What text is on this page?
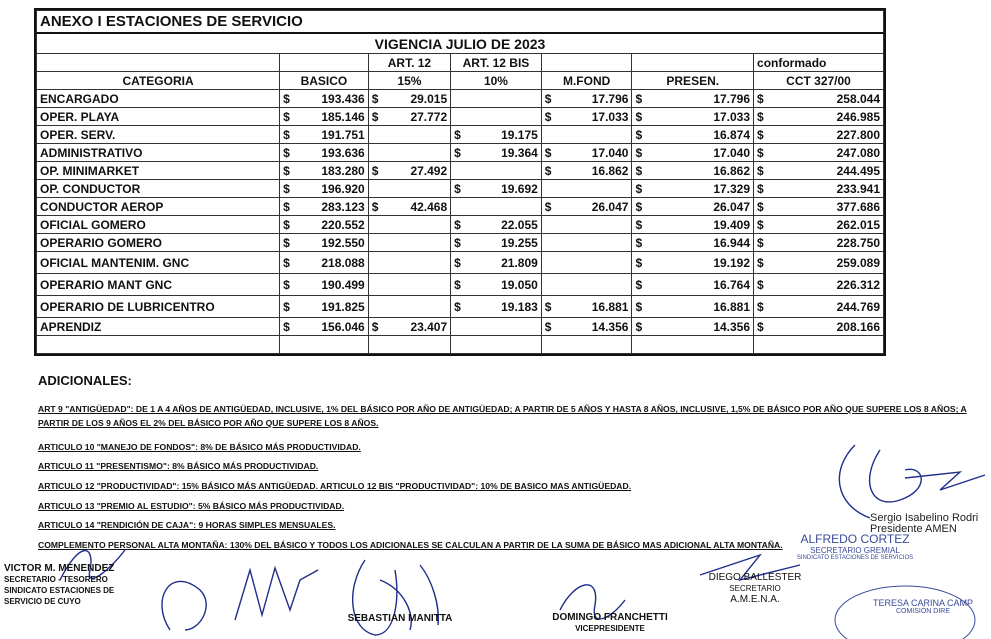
ANEXO I ESTACIONES DE SERVICIO												
VIGENCIA JULIO DE 2023												
			ART. 12		ART. 12 BIS						conformado	
CATEGORIA	BASICO		15%		10%		M.FOND		PRESEN.		CCT 327/00	
ENCARGADO	$	193.436	$	29.015			$	17.796	$	17.796	$	258.044
OPER. PLAYA	$	185.146	$	27.772			$	17.033	$	17.033	$	246.985
OPER. SERV.	$	191.751			$	19.175			$	16.874	$	227.800
ADMINISTRATIVO	$	193.636			$	19.364	$	17.040	$	17.040	$	247.080
OP. MINIMARKET	$	183.280	$	27.492			$	16.862	$	16.862	$	244.495
OP. CONDUCTOR	$	196.920			$	19.692			$	17.329	$	233.941
CONDUCTOR AEROP	$	283.123	$	42.468			$	26.047	$	26.047	$	377.686
OFICIAL GOMERO	$	220.552			$	22.055			$	19.409	$	262.015
OPERARIO GOMERO	$	192.550			$	19.255			$	16.944	$	228.750
OFICIAL MANTENIM. GNC	$	218.088			$	21.809			$	19.192	$	259.089
OPERARIO MANT GNC	$	190.499			$	19.050			$	16.764	$	226.312
OPERARIO DE LUBRICENTRO	$	191.825			$	19.183	$	16.881	$	16.881	$	244.769
APRENDIZ	$	156.046	$	23.407			$	14.356	$	14.356	$	208.166

ADICIONALES:
ART 9 "ANTIGÜEDAD": DE 1 A 4 AÑOS DE ANTIGÜEDAD, INCLUSIVE, 1% DEL BÁSICO POR AÑO DE ANTIGÜEDAD; A PARTIR DE 5 AÑOS Y HASTA 8 AÑOS, INCLUSIVE, 1,5% DE BÁSICO POR AÑO QUE SUPERE LOS 8 AÑOS; A
PARTIR DE LOS 9 AÑOS EL 2% DEL BÁSICO POR AÑO QUE SUPERE LOS 8 AÑOS.
ARTICULO 10 "MANEJO DE FONDOS": 8% DE BÁSICO MÁS PRODUCTIVIDAD.
ARTICULO 11 "PRESENTISMO": 8% BÁSICO MÁS PRODUCTIVIDAD.
ARTICULO 12 "PRODUCTIVIDAD": 15% BÁSICO MÁS ANTIGÜEDAD. ARTICULO 12 BIS "PRODUCTIVIDAD": 10% DE BASICO MAS ANTIGÜEDAD.
ARTICULO 13 "PREMIO AL ESTUDIO": 5% BÁSICO MÁS PRODUCTIVIDAD.
ARTICULO 14 "RENDICIÓN DE CAJA": 9 HORAS SIMPLES MENSUALES.
COMPLEMENTO PERSONAL ALTA MONTAÑA: 130% DEL BÁSICO Y TODOS LOS ADICIONALES SE CALCULAN A PARTIR DE LA SUMA DE BÁSICO MAS ADICIONAL ALTA MONTAÑA.
VICTOR M. MENENDEZ
SECRETARIO - TESORERO
SINDICATO ESTACIONES DE
SERVICIO DE CUYO
SEBASTIAN MANITTA	DOMINGO FRANCHETTI
VICEPRESIDENTE
DIEGO BALLESTER
SECRETARIO
A.M.E.N.A.
ALFREDO CORTEZ
SECRETARIO GREMIAL
SINDICATO ESTACIONES DE SERVICIOS
Sergio Isabelino Rodri
Presidente AMEN
TERESA CARINA CAMP
COMISIÓN DIRE
